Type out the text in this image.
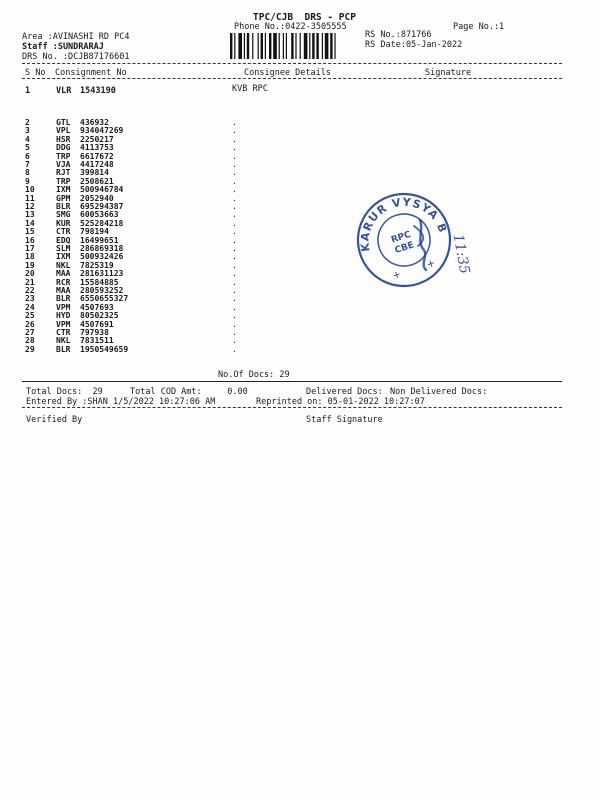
TPC/CJB  DRS - PCP
Phone No.:0422-3505555	Page No.:1
Area :AVINASHI RD PC4
Staff :SUNDRARAJ
DRS No. :DCJB87176601
RS No.:871766
RS Date:05-Jan-2022
S No Consignment No	Consignee Details	Signature
1	VLR 1543190	KVB RPC
2	GTL 436932	.
3	VPL 934047269	.
4	HSR 2250217	.
5	DDG 4113753	.
6	TRP 6617672	.
7	VJA 4417248	.
8	RJT 399814	.
9	TRP 2508621	.
10	IXM 500946784	.
11	GPM 2052940	.
12	BLR 695294387	.
13	SMG 60053663	.
14	KUR 525284218	.
15	CTR 798194	.
16	EDQ 16499651	.
17	SLM 286869318	.
18	IXM 500932426	.
19	NKL 7825319	.
20	MAA 281631123	.
21	RCR 15584885	.
22	MAA 280593252	.
23	BLR 6550655327	.
24	VPM 4507693	.
25	HYD 80502325	.
26	VPM 4507691	.
27	CTR 797938	.
28	NKL 7831511	.
29	BLR 1950549659	.
No.Of Docs: 29
Total Docs:  29	Total COD Amt:     0.00	Delivered Docs: Non Delivered Docs:
Entered By :SHAN 1/5/2022 10:27:06 AM	Reprinted on: 05-01-2022 10:27:07
Verified By	Staff Signature
KARUR VYSYA BANK
RPC
CBE
+
+ 11:35
